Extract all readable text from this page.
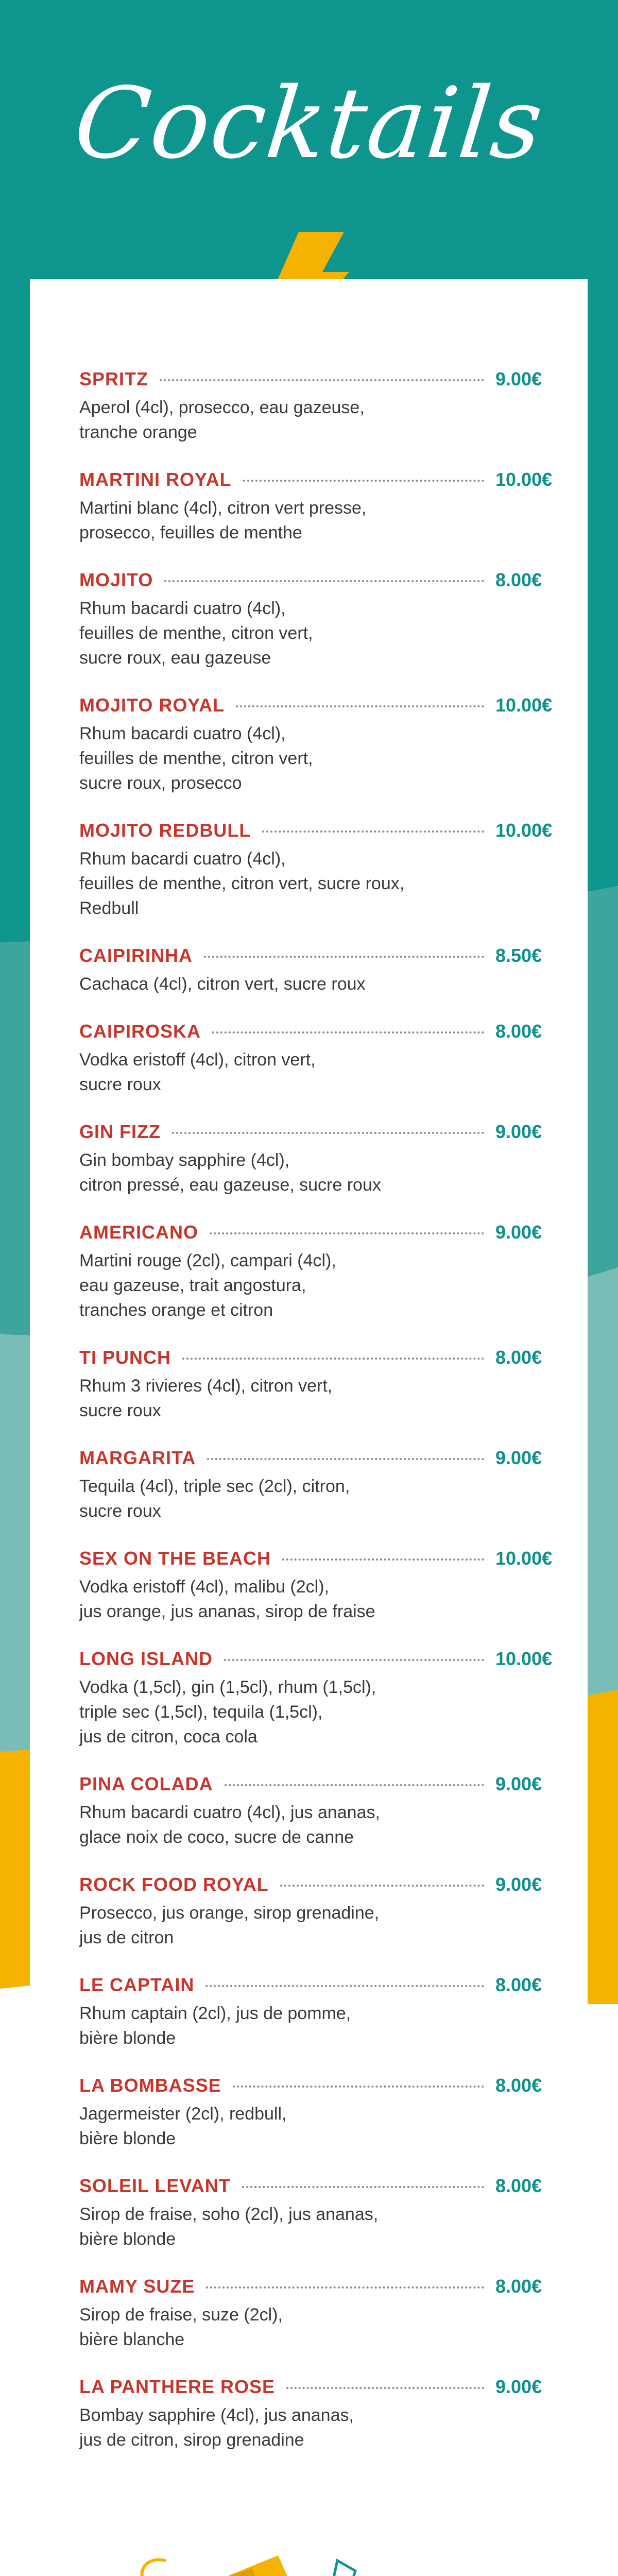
Cocktails
SPRITZ	9.00€
Aperol (4cl), prosecco, eau gazeuse,
tranche orange
MARTINI ROYAL	10.00€
Martini blanc (4cl), citron vert presse,
prosecco, feuilles de menthe
MOJITO	8.00€
Rhum bacardi cuatro (4cl),
feuilles de menthe, citron vert,
sucre roux, eau gazeuse
MOJITO ROYAL	10.00€
Rhum bacardi cuatro (4cl),
feuilles de menthe, citron vert,
sucre roux, prosecco
MOJITO REDBULL	10.00€
Rhum bacardi cuatro (4cl),
feuilles de menthe, citron vert, sucre roux,
Redbull
CAIPIRINHA	8.50€
Cachaca (4cl), citron vert, sucre roux
CAIPIROSKA	8.00€
Vodka eristoff (4cl), citron vert,
sucre roux
GIN FIZZ	9.00€
Gin bombay sapphire (4cl),
citron pressé, eau gazeuse, sucre roux
AMERICANO	9.00€
Martini rouge (2cl), campari (4cl),
eau gazeuse, trait angostura,
tranches orange et citron
TI PUNCH	8.00€
Rhum 3 rivieres (4cl), citron vert,
sucre roux
MARGARITA	9.00€
Tequila (4cl), triple sec (2cl), citron,
sucre roux
SEX ON THE BEACH	10.00€
Vodka eristoff (4cl), malibu (2cl),
jus orange, jus ananas, sirop de fraise
LONG ISLAND	10.00€
Vodka (1,5cl), gin (1,5cl), rhum (1,5cl),
triple sec (1,5cl), tequila (1,5cl),
jus de citron, coca cola
PINA COLADA	9.00€
Rhum bacardi cuatro (4cl), jus ananas,
glace noix de coco, sucre de canne
ROCK FOOD ROYAL	9.00€
Prosecco, jus orange, sirop grenadine,
jus de citron
LE CAPTAIN	8.00€
Rhum captain (2cl), jus de pomme,
bière blonde
LA BOMBASSE	8.00€
Jagermeister (2cl), redbull,
bière blonde
SOLEIL LEVANT	8.00€
Sirop de fraise, soho (2cl), jus ananas,
bière blonde
MAMY SUZE	8.00€
Sirop de fraise, suze (2cl),
bière blanche
LA PANTHERE ROSE	9.00€
Bombay sapphire (4cl), jus ananas,
jus de citron, sirop grenadine
